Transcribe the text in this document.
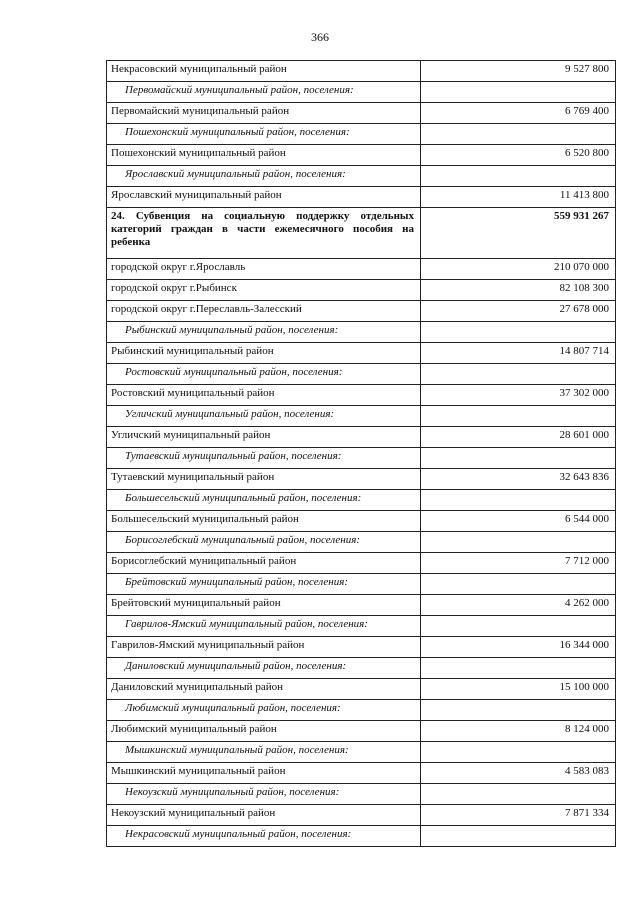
366
Некрасовский муниципальный район	9 527 800
Первомайский муниципальный район, поселения:	
Первомайский муниципальный район	6 769 400
Пошехонский муниципальный район, поселения:	
Пошехонский муниципальный район	6 520 800
Ярославский муниципальный район, поселения:	
Ярославский муниципальный район	11 413 800
24. Субвенция на социальную поддержку отдельных категорий граждан в части ежемесячного пособия на ребенка	559 931 267
городской округ г.Ярославль	210 070 000
городской округ г.Рыбинск	82 108 300
городской округ г.Переславль-Залесский	27 678 000
Рыбинский муниципальный район, поселения:	
Рыбинский муниципальный район	14 807 714
Ростовский муниципальный район, поселения:	
Ростовский муниципальный район	37 302 000
Угличский муниципальный район, поселения:	
Угличский муниципальный район	28 601 000
Тутаевский муниципальный район, поселения:	
Тутаевский муниципальный район	32 643 836
Большесельский муниципальный район, поселения:	
Большесельский муниципальный район	6 544 000
Борисоглебский муниципальный район, поселения:	
Борисоглебский муниципальный район	7 712 000
Брейтовский муниципальный район, поселения:	
Брейтовский муниципальный район	4 262 000
Гаврилов-Ямский муниципальный район, поселения:	
Гаврилов-Ямский муниципальный район	16 344 000
Даниловский муниципальный район, поселения:	
Даниловский муниципальный район	15 100 000
Любимский муниципальный район, поселения:	
Любимский муниципальный район	8 124 000
Мышкинский муниципальный район, поселения:	
Мышкинский муниципальный район	4 583 083
Некоузский муниципальный район, поселения:	
Некоузский муниципальный район	7 871 334
Некрасовский муниципальный район, поселения:	
